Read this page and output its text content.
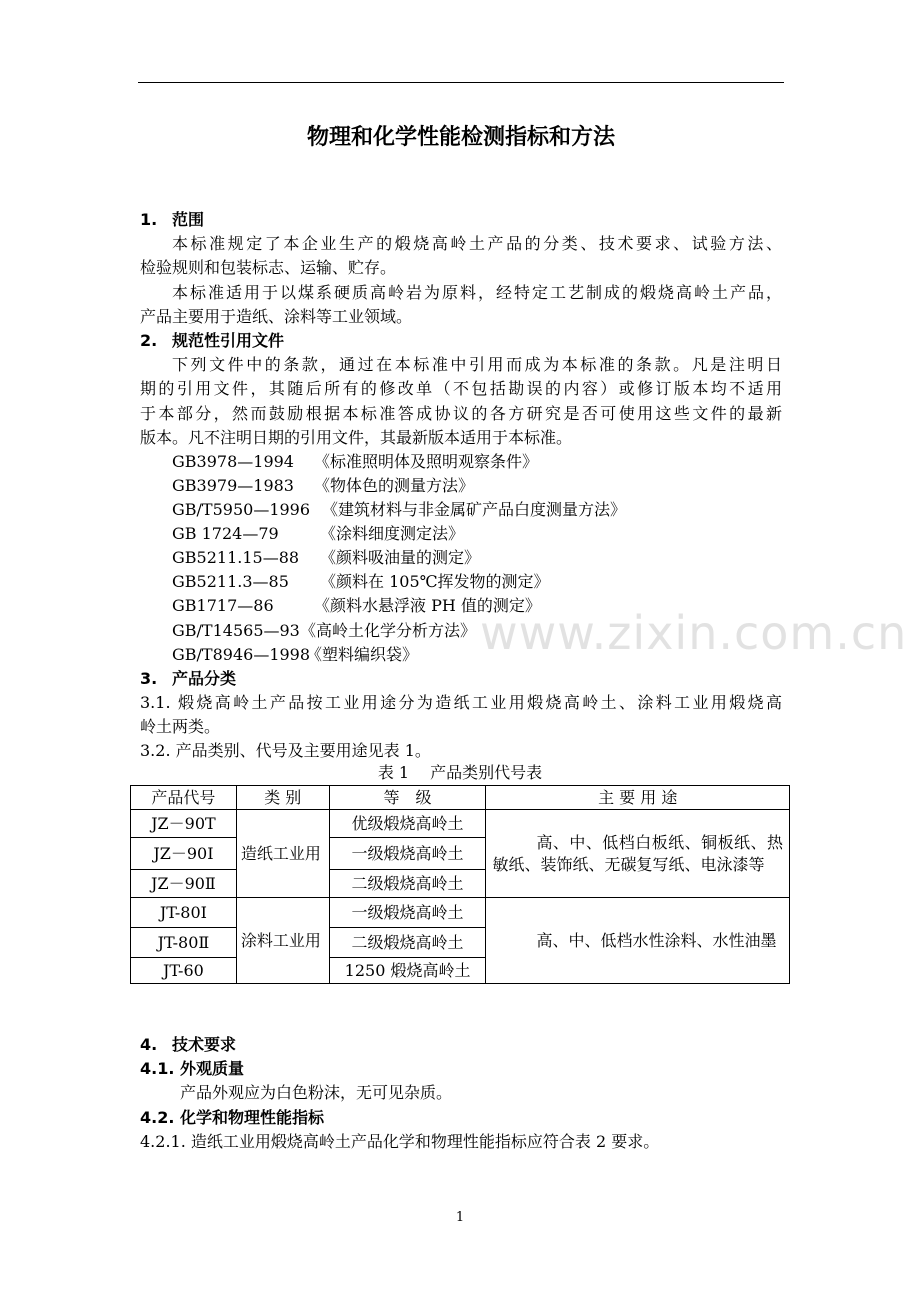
物理和化学性能检测指标和方法
1. 范围
本标准规定了本企业生产的煅烧高岭土产品的分类、技术要求、试验方法、
检验规则和包装标志、运输、贮存。
本标准适用于以煤系硬质高岭岩为原料，经特定工艺制成的煅烧高岭土产品，
产品主要用于造纸、涂料等工业领域。
2. 规范性引用文件
下列文件中的条款，通过在本标准中引用而成为本标准的条款。凡是注明日
期的引用文件，其随后所有的修改单（不包括勘误的内容）或修订版本均不适用
于本部分，然而鼓励根据本标准答成协议的各方研究是否可使用这些文件的最新
版本。凡不注明日期的引用文件，其最新版本适用于本标准。
GB3978—1994 《标准照明体及照明观察条件》
GB3979—1983 《物体色的测量方法》
GB/T5950—1996 《建筑材料与非金属矿产品白度测量方法》
GB 1724—79	《涂料细度测定法》
GB5211.15—88 《颜料吸油量的测定》
GB5211.3—85 《颜料在 105℃挥发物的测定》
GB1717—86	《颜料水悬浮液 PH 值的测定》
GB/T14565—93 《高岭土化学分析方法》
GB/T8946—1998
《塑料编织袋》
3. 产品分类
3.1. 煅烧高岭土产品按工业用途分为造纸工业用煅烧高岭土、涂料工业用煅烧高
岭土两类。
3.2. 产品类别、代号及主要用途见表 1。
表 1　 产品类别代号表
产品代号	类 别	等　级	主 要 用 途
JZ－90T	造纸工业用	优级煅烧高岭土	高、中、低档白板纸、铜板纸、热敏纸、装饰纸、无碳复写纸、电泳漆等
JZ－90Ⅰ		一级煅烧高岭土	
JZ－90Ⅱ		二级煅烧高岭土	
JT-80Ⅰ	涂料工业用	一级煅烧高岭土	高、中、低档水性涂料、水性油墨
JT-80Ⅱ		二级煅烧高岭土	
JT-60		1250 煅烧高岭土	
4. 技术要求
4.1. 外观质量
产品外观应为白色粉沫，无可见杂质。
4.2. 化学和物理性能指标
4.2.1. 造纸工业用煅烧高岭土产品化学和物理性能指标应符合表 2 要求。
www.zixin.com.cn
1
